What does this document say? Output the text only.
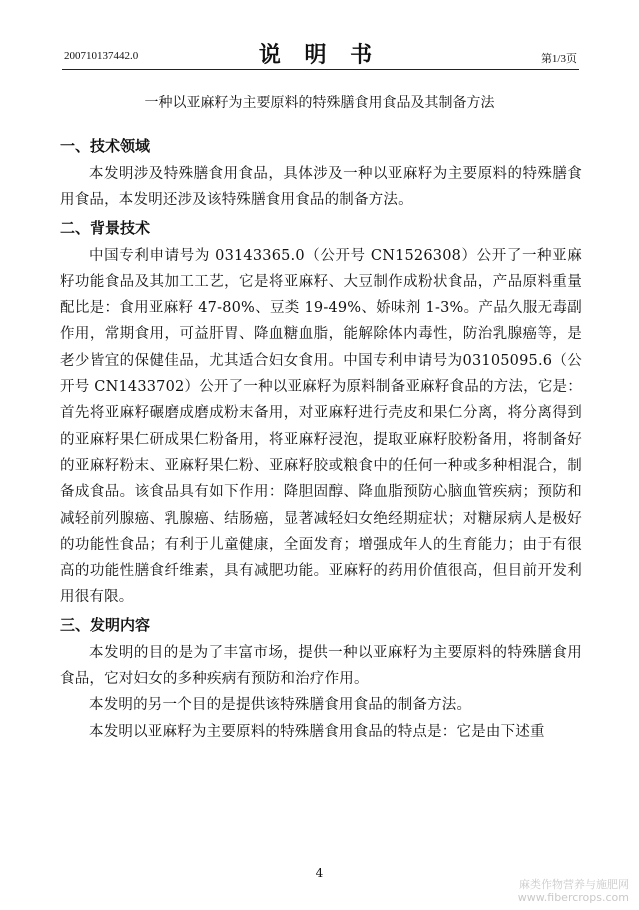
200710137442.0	说 明 书	第1/3页
一种以亚麻籽为主要原料的特殊膳食用食品及其制备方法
一、技术领域
本发明涉及特殊膳食用食品，具体涉及一种以亚麻籽为主要原料的特殊膳食用食品，本发明还涉及该特殊膳食用食品的制备方法。
二、背景技术
中国专利申请号为 03143365.0（公开号 CN1526308）公开了一种亚麻籽功能食品及其加工工艺，它是将亚麻籽、大豆制作成粉状食品，产品原料重量配比是：食用亚麻籽 47-80%、豆类 19-49%、娇味剂 1-3%。产品久服无毒副作用，常期食用，可益肝胃、降血糖血脂，能解除体内毒性，防治乳腺癌等，是老少皆宜的保健佳品，尤其适合妇女食用。中国专利申请号为03105095.6（公开号 CN1433702）公开了一种以亚麻籽为原料制备亚麻籽食品的方法，它是：首先将亚麻籽碾磨成磨成粉末备用，对亚麻籽进行壳皮和果仁分离，将分离得到的亚麻籽果仁研成果仁粉备用，将亚麻籽浸泡，提取亚麻籽胶粉备用，将制备好的亚麻籽粉末、亚麻籽果仁粉、亚麻籽胶或粮食中的任何一种或多种相混合，制备成食品。该食品具有如下作用：降胆固醇、降血脂预防心脑血管疾病；预防和减轻前列腺癌、乳腺癌、结肠癌，显著减轻妇女绝经期症状；对糖尿病人是极好的功能性食品；有利于儿童健康，全面发育；增强成年人的生育能力；由于有很高的功能性膳食纤维素，具有减肥功能。亚麻籽的药用价值很高，但目前开发利用很有限。
三、发明内容
本发明的目的是为了丰富市场，提供一种以亚麻籽为主要原料的特殊膳食用食品，它对妇女的多种疾病有预防和治疗作用。
本发明的另一个目的是提供该特殊膳食用食品的制备方法。
本发明以亚麻籽为主要原料的特殊膳食用食品的特点是：它是由下述重
4
麻类作物营养与施肥网
www.fibercrops.com
